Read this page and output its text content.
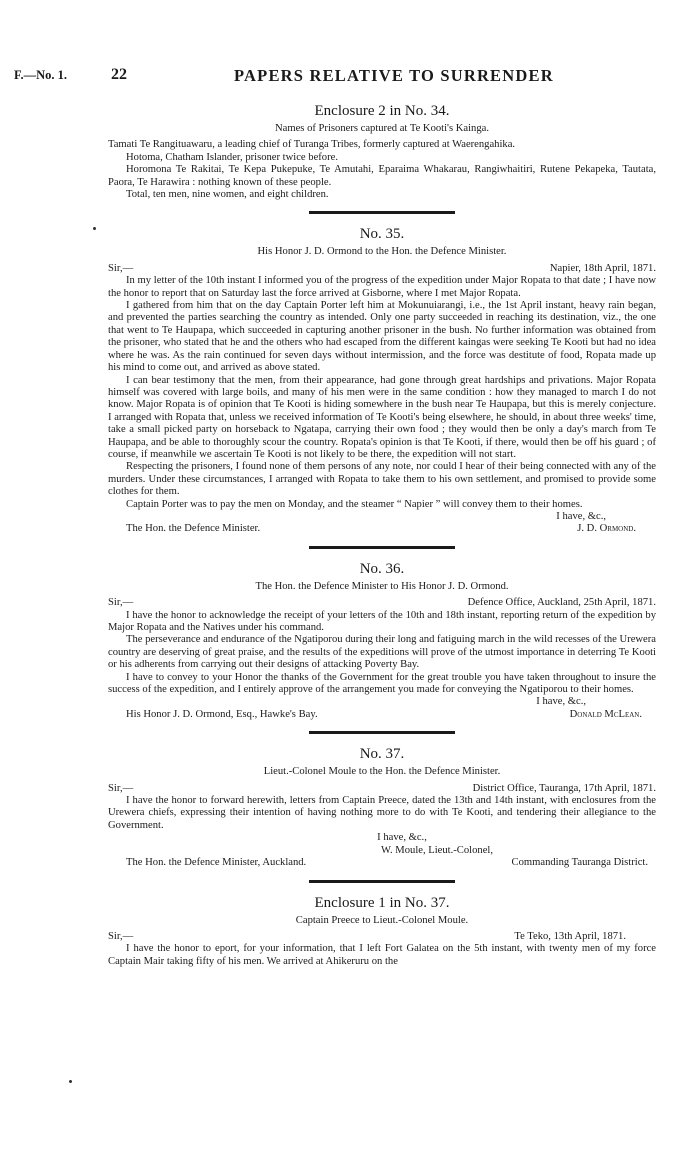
F.—No. 1.	22	PAPERS RELATIVE TO SURRENDER
Enclosure 2 in No. 34.
Names of Prisoners captured at Te Kooti's Kainga.

Tamati Te Rangituawaru, a leading chief of Turanga Tribes, formerly captured at Waerengahika.

Hotoma, Chatham Islander, prisoner twice before.

Horomona Te Rakitai, Te Kepa Pukepuke, Te Amutahi, Eparaima Whakarau, Rangiwhaitiri, Rutene Pekapeka, Tautata, Paora, Te Harawira : nothing known of these people.

Total, ten men, nine women, and eight children.

No. 35.
His Honor J. D. Ormond to the Hon. the Defence Minister.
Sir,—	Napier, 18th April, 1871.

In my letter of the 10th instant I informed you of the progress of the expedition under Major Ropata to that date ; I have now the honor to report that on Saturday last the force arrived at Gisborne, where I met Major Ropata.

I gathered from him that on the day Captain Porter left him at Mokunuiarangi, i.e., the 1st April instant, heavy rain began, and prevented the parties searching the country as intended. Only one party succeeded in reaching its destination, viz., the one that went to Te Haupapa, which succeeded in capturing another prisoner in the bush. No further information was obtained from the prisoner, who stated that he and the others who had escaped from the different kaingas were seeking Te Kooti but had no idea where he was. As the rain continued for seven days without intermission, and the force was destitute of food, Ropata made up his mind to come out, and arrived as above stated.

I can bear testimony that the men, from their appearance, had gone through great hardships and privations. Major Ropata himself was covered with large boils, and many of his men were in the same condition : how they managed to march I do not know. Major Ropata is of opinion that Te Kooti is hiding somewhere in the bush near Te Haupapa, but this is merely conjecture. I arranged with Ropata that, unless we received information of Te Kooti's being elsewhere, he should, in about three weeks' time, take a small picked party on horseback to Ngatapa, carrying their own food ; they would then be only a day's march from Te Haupapa, and be able to thoroughly scour the country. Ropata's opinion is that Te Kooti, if there, would then be off his guard ; of course, if meanwhile we ascertain Te Kooti is not likely to be there, the expedition will not start.

Respecting the prisoners, I found none of them persons of any note, nor could I hear of their being connected with any of the murders. Under these circumstances, I arranged with Ropata to take them to his own settlement, and promised to provide some clothes for them.

Captain Porter was to pay the men on Monday, and the steamer “ Napier ” will convey them to their homes.

I have, &c.,

The Hon. the Defence Minister.	J. D. Ormond.
No. 36.
The Hon. the Defence Minister to His Honor J. D. Ormond.
Sir,—	Defence Office, Auckland, 25th April, 1871.

I have the honor to acknowledge the receipt of your letters of the 10th and 18th instant, reporting return of the expedition by Major Ropata and the Natives under his command.

The perseverance and endurance of the Ngatiporou during their long and fatiguing march in the wild recesses of the Urewera country are deserving of great praise, and the results of the expeditions will prove of the utmost importance in deterring Te Kooti or his adherents from carrying out their designs of attacking Poverty Bay.

I have to convey to your Honor the thanks of the Government for the great trouble you have taken throughout to insure the success of the expedition, and I entirely approve of the arrangement you made for conveying the Ngatiporou to their homes.

I have, &c.,

His Honor J. D. Ormond, Esq., Hawke's Bay.	Donald McLean.
No. 37.
Lieut.-Colonel Moule to the Hon. the Defence Minister.
Sir,—	District Office, Tauranga, 17th April, 1871.

I have the honor to forward herewith, letters from Captain Preece, dated the 13th and 14th instant, with enclosures from the Urewera chiefs, expressing their intention of having nothing more to do with Te Kooti, and tendering their allegiance to the Government.

I have, &c.,

W. Moule, Lieut.-Colonel,

The Hon. the Defence Minister, Auckland.	Commanding Tauranga District.
Enclosure 1 in No. 37.
Captain Preece to Lieut.-Colonel Moule.
Sir,—	Te Teko, 13th April, 1871.

I have the honor to eport, for your information, that I left Fort Galatea on the 5th instant, with twenty men of my force Captain Mair taking fifty of his men. We arrived at Ahikeruru on the
